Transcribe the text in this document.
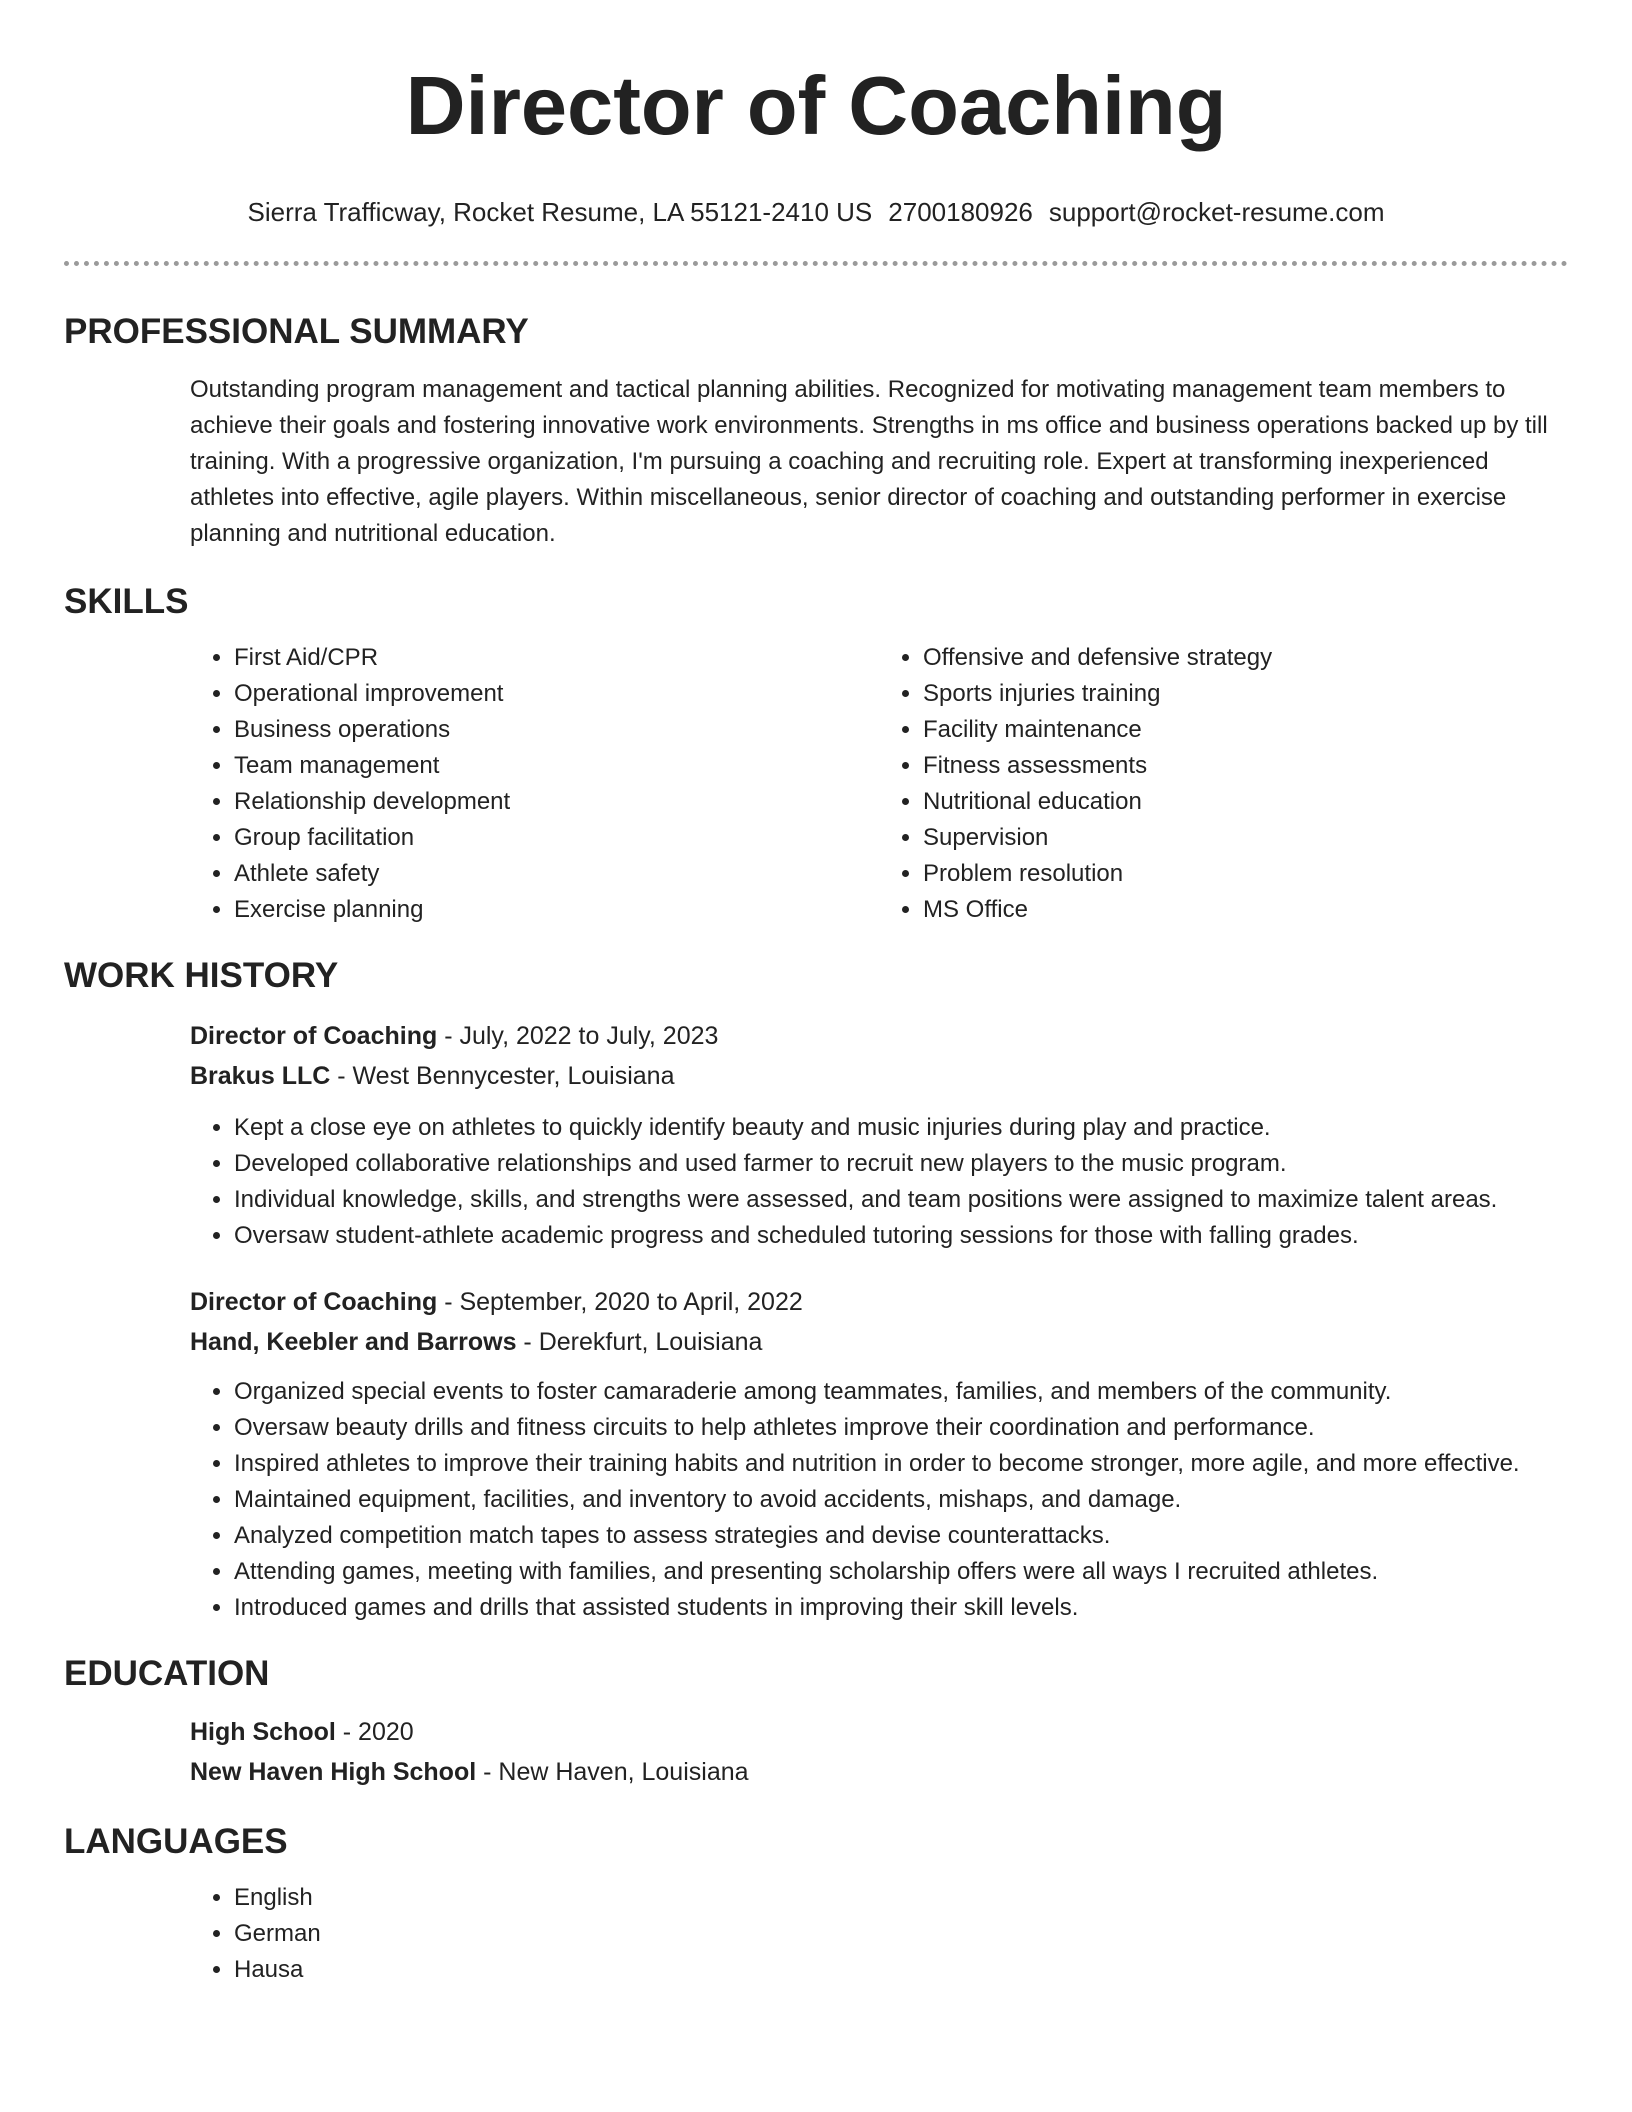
Director of Coaching
Sierra Trafficway, Rocket Resume, LA 55121-2410 US 2700180926 support@rocket-resume.com
PROFESSIONAL SUMMARY

Outstanding program management and tactical planning abilities. Recognized for motivating management team members to achieve their goals and fostering innovative work environments. Strengths in ms office and business operations backed up by till training. With a progressive organization, I'm pursuing a coaching and recruiting role. Expert at transforming inexperienced athletes into effective, agile players. Within miscellaneous, senior director of coaching and outstanding performer in exercise planning and nutritional education.

SKILLS
• First Aid/CPR
• Operational improvement
• Business operations
• Team management
• Relationship development
• Group facilitation
• Athlete safety
• Exercise planning
• Offensive and defensive strategy
• Sports injuries training
• Facility maintenance
• Fitness assessments
• Nutritional education
• Supervision
• Problem resolution
• MS Office
WORK HISTORY
Director of Coaching - July, 2022 to July, 2023
Brakus LLC - West Bennycester, Louisiana
• Kept a close eye on athletes to quickly identify beauty and music injuries during play and practice.
• Developed collaborative relationships and used farmer to recruit new players to the music program.
• Individual knowledge, skills, and strengths were assessed, and team positions were assigned to maximize talent areas.
• Oversaw student-athlete academic progress and scheduled tutoring sessions for those with falling grades.
Director of Coaching - September, 2020 to April, 2022
Hand, Keebler and Barrows - Derekfurt, Louisiana
• Organized special events to foster camaraderie among teammates, families, and members of the community.
• Oversaw beauty drills and fitness circuits to help athletes improve their coordination and performance.
• Inspired athletes to improve their training habits and nutrition in order to become stronger, more agile, and more effective.
• Maintained equipment, facilities, and inventory to avoid accidents, mishaps, and damage.
• Analyzed competition match tapes to assess strategies and devise counterattacks.
• Attending games, meeting with families, and presenting scholarship offers were all ways I recruited athletes.
• Introduced games and drills that assisted students in improving their skill levels.
EDUCATION
High School - 2020
New Haven High School - New Haven, Louisiana
LANGUAGES
• English
• German
• Hausa
